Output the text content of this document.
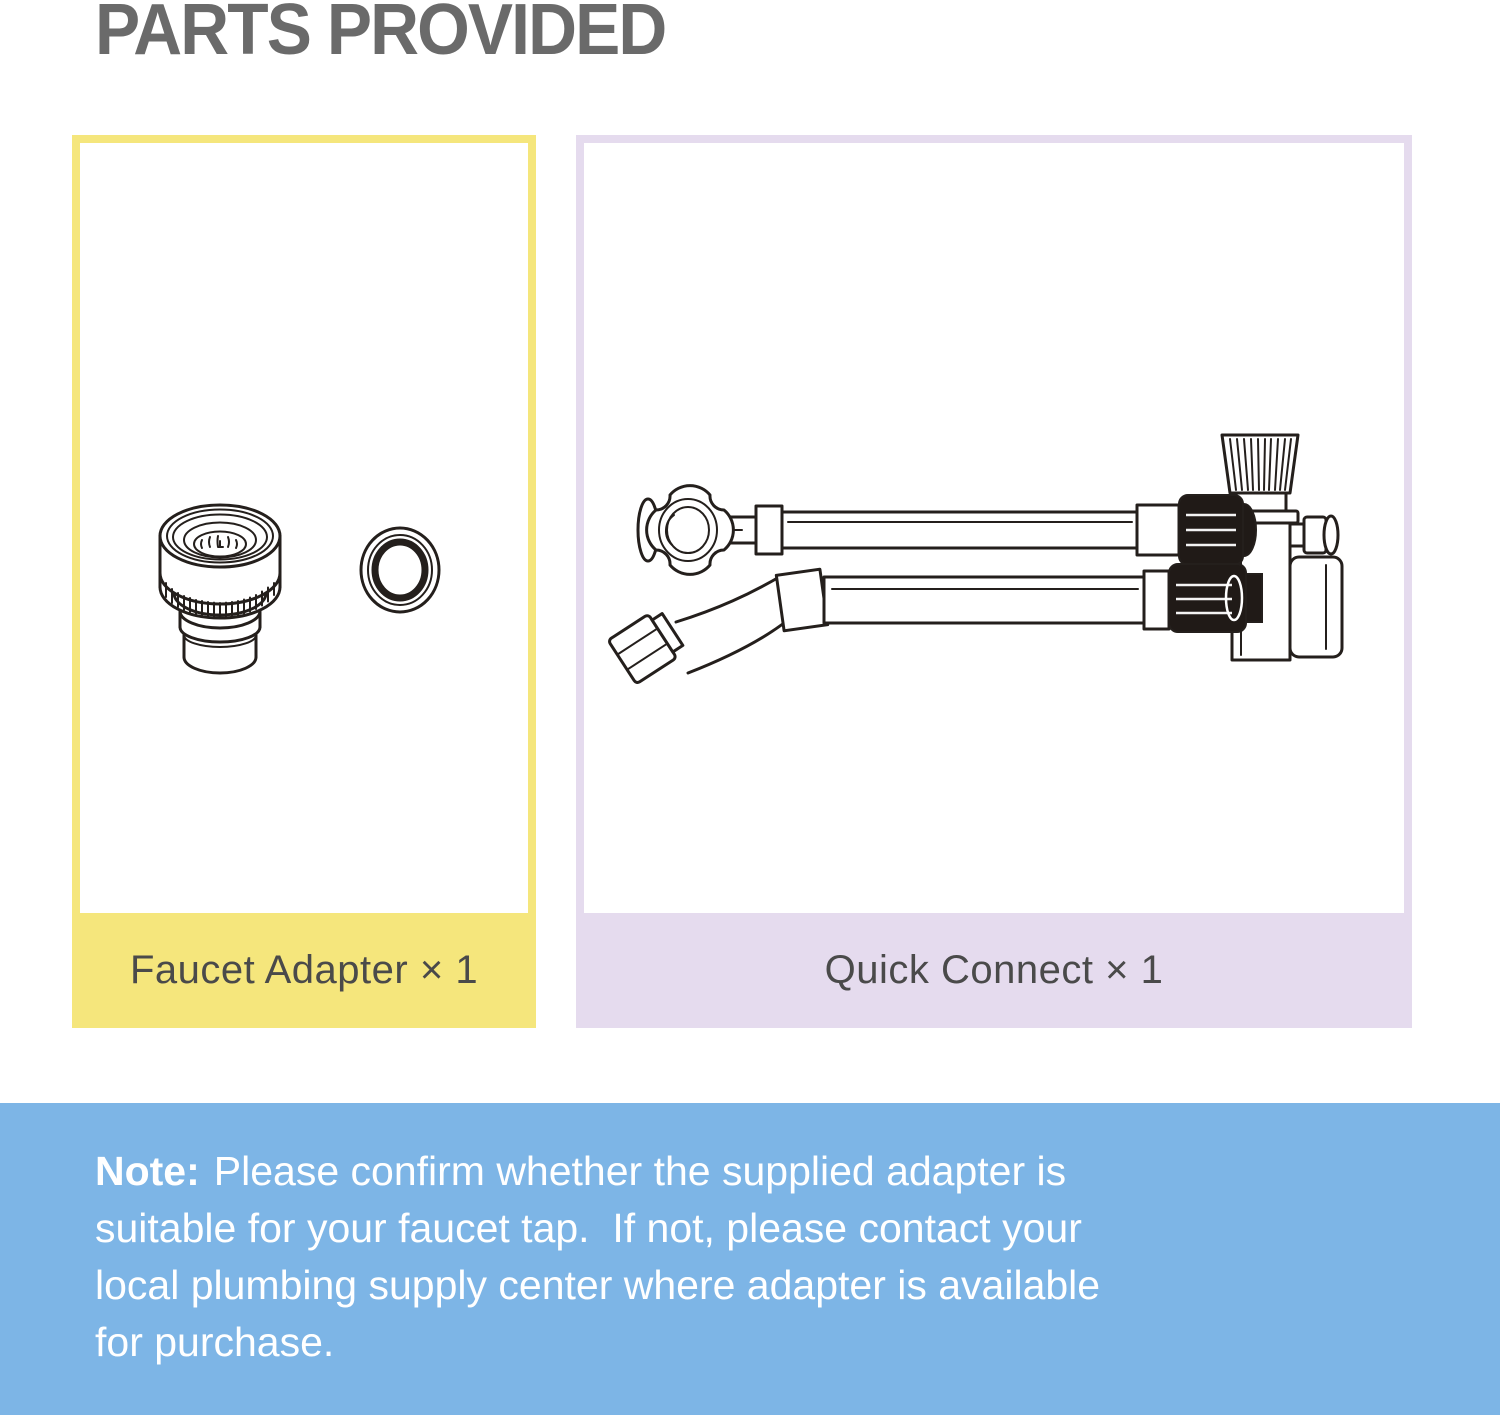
PARTS PROVIDED
Faucet Adapter × 1	Quick Connect × 1

Note: Please confirm whether the supplied adapter is

suitable for your faucet tap.  If not, please contact your

local plumbing supply center where adapter is available

for purchase.
